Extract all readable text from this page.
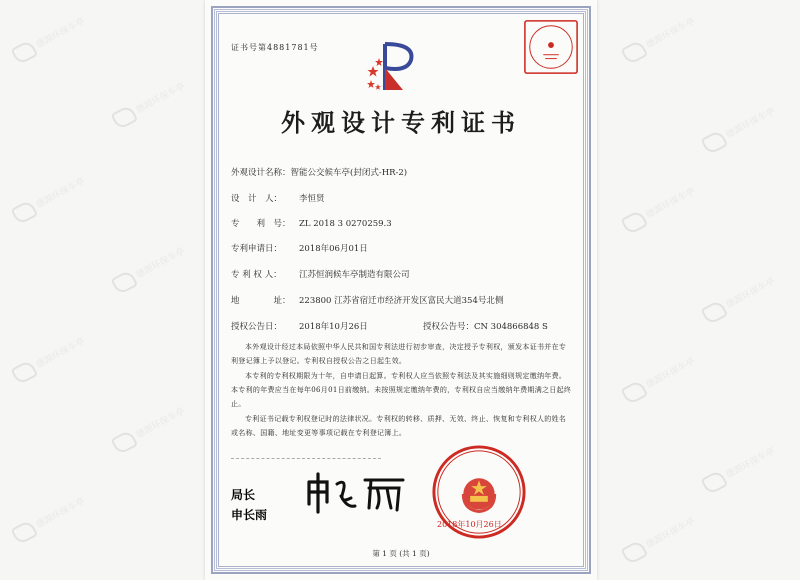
德源环保车亭
德源环保车亭
德源环保车亭
德源环保车亭
德源环保车亭
德源环保车亭
德源环保车亭
德源环保车亭
德源环保车亭
德源环保车亭
德源环保车亭
德源环保车亭
德源环保车亭
德源环保车亭
证书号第4881781号
外观设计专利证书
外观设计名称：智能公交候车亭(封闭式-HR-2)
设　计　人： 李恒贤
专　　利　号： ZL 2018 3 0270259.3
专利申请日： 2018年06月01日
专 利 权 人： 江苏恒润候车亭制造有限公司
地　　　　址： 223800 江苏省宿迁市经济开发区富民大道354号北侧
授权公告日： 2018年10月26日	授权公告号：CN 304866848 S
本外观设计经过本局依照中华人民共和国专利法进行初步审查，决定授予专利权，颁发本证书并在专利登记簿上予以登记。专利权自授权公告之日起生效。
本专利的专利权期限为十年，自申请日起算。专利权人应当依照专利法及其实施细则规定缴纳年费。本专利的年费应当在每年06月01日前缴纳。未按照规定缴纳年费的，专利权自应当缴纳年费期满之日起终止。
专利证书记载专利权登记时的法律状况。专利权的转移、质押、无效、终止、恢复和专利权人的姓名或名称、国籍、地址变更等事项记载在专利登记簿上。
局长
申长雨
2018年10月26日
第 1 页 (共 1 页)
